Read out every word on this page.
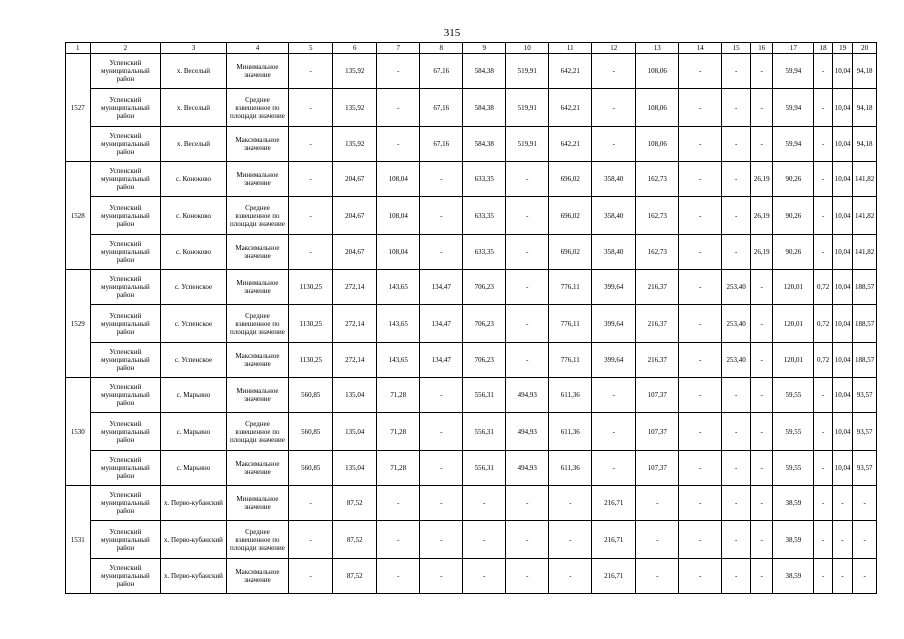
315
1	2	3	4	5	6	7	8	9	10	11	12	13	14	15	16	17	18	19	20
1527	Успенский муниципальный район	х. Веселый	Минимальное значение	-	135,92	-	67,16	584,38	519,91	642,21	-	108,06	-	-	-	59,94	-	10,04	94,18
	Успенский муниципальный район	х. Веселый	Среднее взвешенное по площади значение	-	135,92	-	67,16	584,38	519,91	642,21	-	108,06	-	-	-	59,94	-	10,04	94,18
	Успенский муниципальный район	х. Веселый	Максимальное значение	-	135,92	-	67,16	584,38	519,91	642,21	-	108,06	-	-	-	59,94	-	10,04	94,18
1528	Успенский муниципальный район	с. Коноково	Минимальное значение	-	204,67	108,04	-	633,35	-	696,02	358,40	162,73	-	-	26,19	90,26	-	10,04	141,82
	Успенский муниципальный район	с. Коноково	Среднее взвешенное по площади значение	-	204,67	108,04	-	633,35	-	696,02	358,40	162,73	-	-	26,19	90,26	-	10,04	141,82
	Успенский муниципальный район	с. Коноково	Максимальное значение	-	204,67	108,04	-	633,35	-	696,02	358,40	162,73	-	-	26,19	90,26	-	10,04	141,82
1529	Успенский муниципальный район	с. Успенское	Минимальное значение	1130,25	272,14	143,65	134,47	706,23	-	776,11	399,64	216,37	-	253,40	-	120,01	0,72	10,04	188,57
	Успенский муниципальный район	с. Успенское	Среднее взвешенное по площади значение	1130,25	272,14	143,65	134,47	706,23	-	776,11	399,64	216,37	-	253,40	-	120,01	0,72	10,04	188,57
	Успенский муниципальный район	с. Успенское	Максимальное значение	1130,25	272,14	143,65	134,47	706,23	-	776,11	399,64	216,37	-	253,40	-	120,01	0,72	10,04	188,57
1530	Успенский муниципальный район	с. Марьино	Минимальное значение	560,85	135,04	71,28	-	556,31	494,93	611,36	-	107,37	-	-	-	59,55	-	10,04	93,57
	Успенский муниципальный район	с. Марьино	Среднее взвешенное по площади значение	560,85	135,04	71,28	-	556,31	494,93	611,36	-	107,37	-	-	-	59,55	-	10,04	93,57
	Успенский муниципальный район	с. Марьино	Максимальное значение	560,85	135,04	71,28	-	556,31	494,93	611,36	-	107,37	-	-	-	59,55	-	10,04	93,57
1531	Успенский муниципальный район	х. Перво-кубанский	Минимальное значение	-	87,52	-	-	-	-	-	216,71	-	-	-	-	38,59	-	-	-
	Успенский муниципальный район	х. Перво-кубанский	Среднее взвешенное по площади значение	-	87,52	-	-	-	-	-	216,71	-	-	-	-	38,59	-	-	-
	Успенский муниципальный район	х. Перво-кубанский	Максимальное значение	-	87,52	-	-	-	-	-	216,71	-	-	-	-	38,59	-	-	-
